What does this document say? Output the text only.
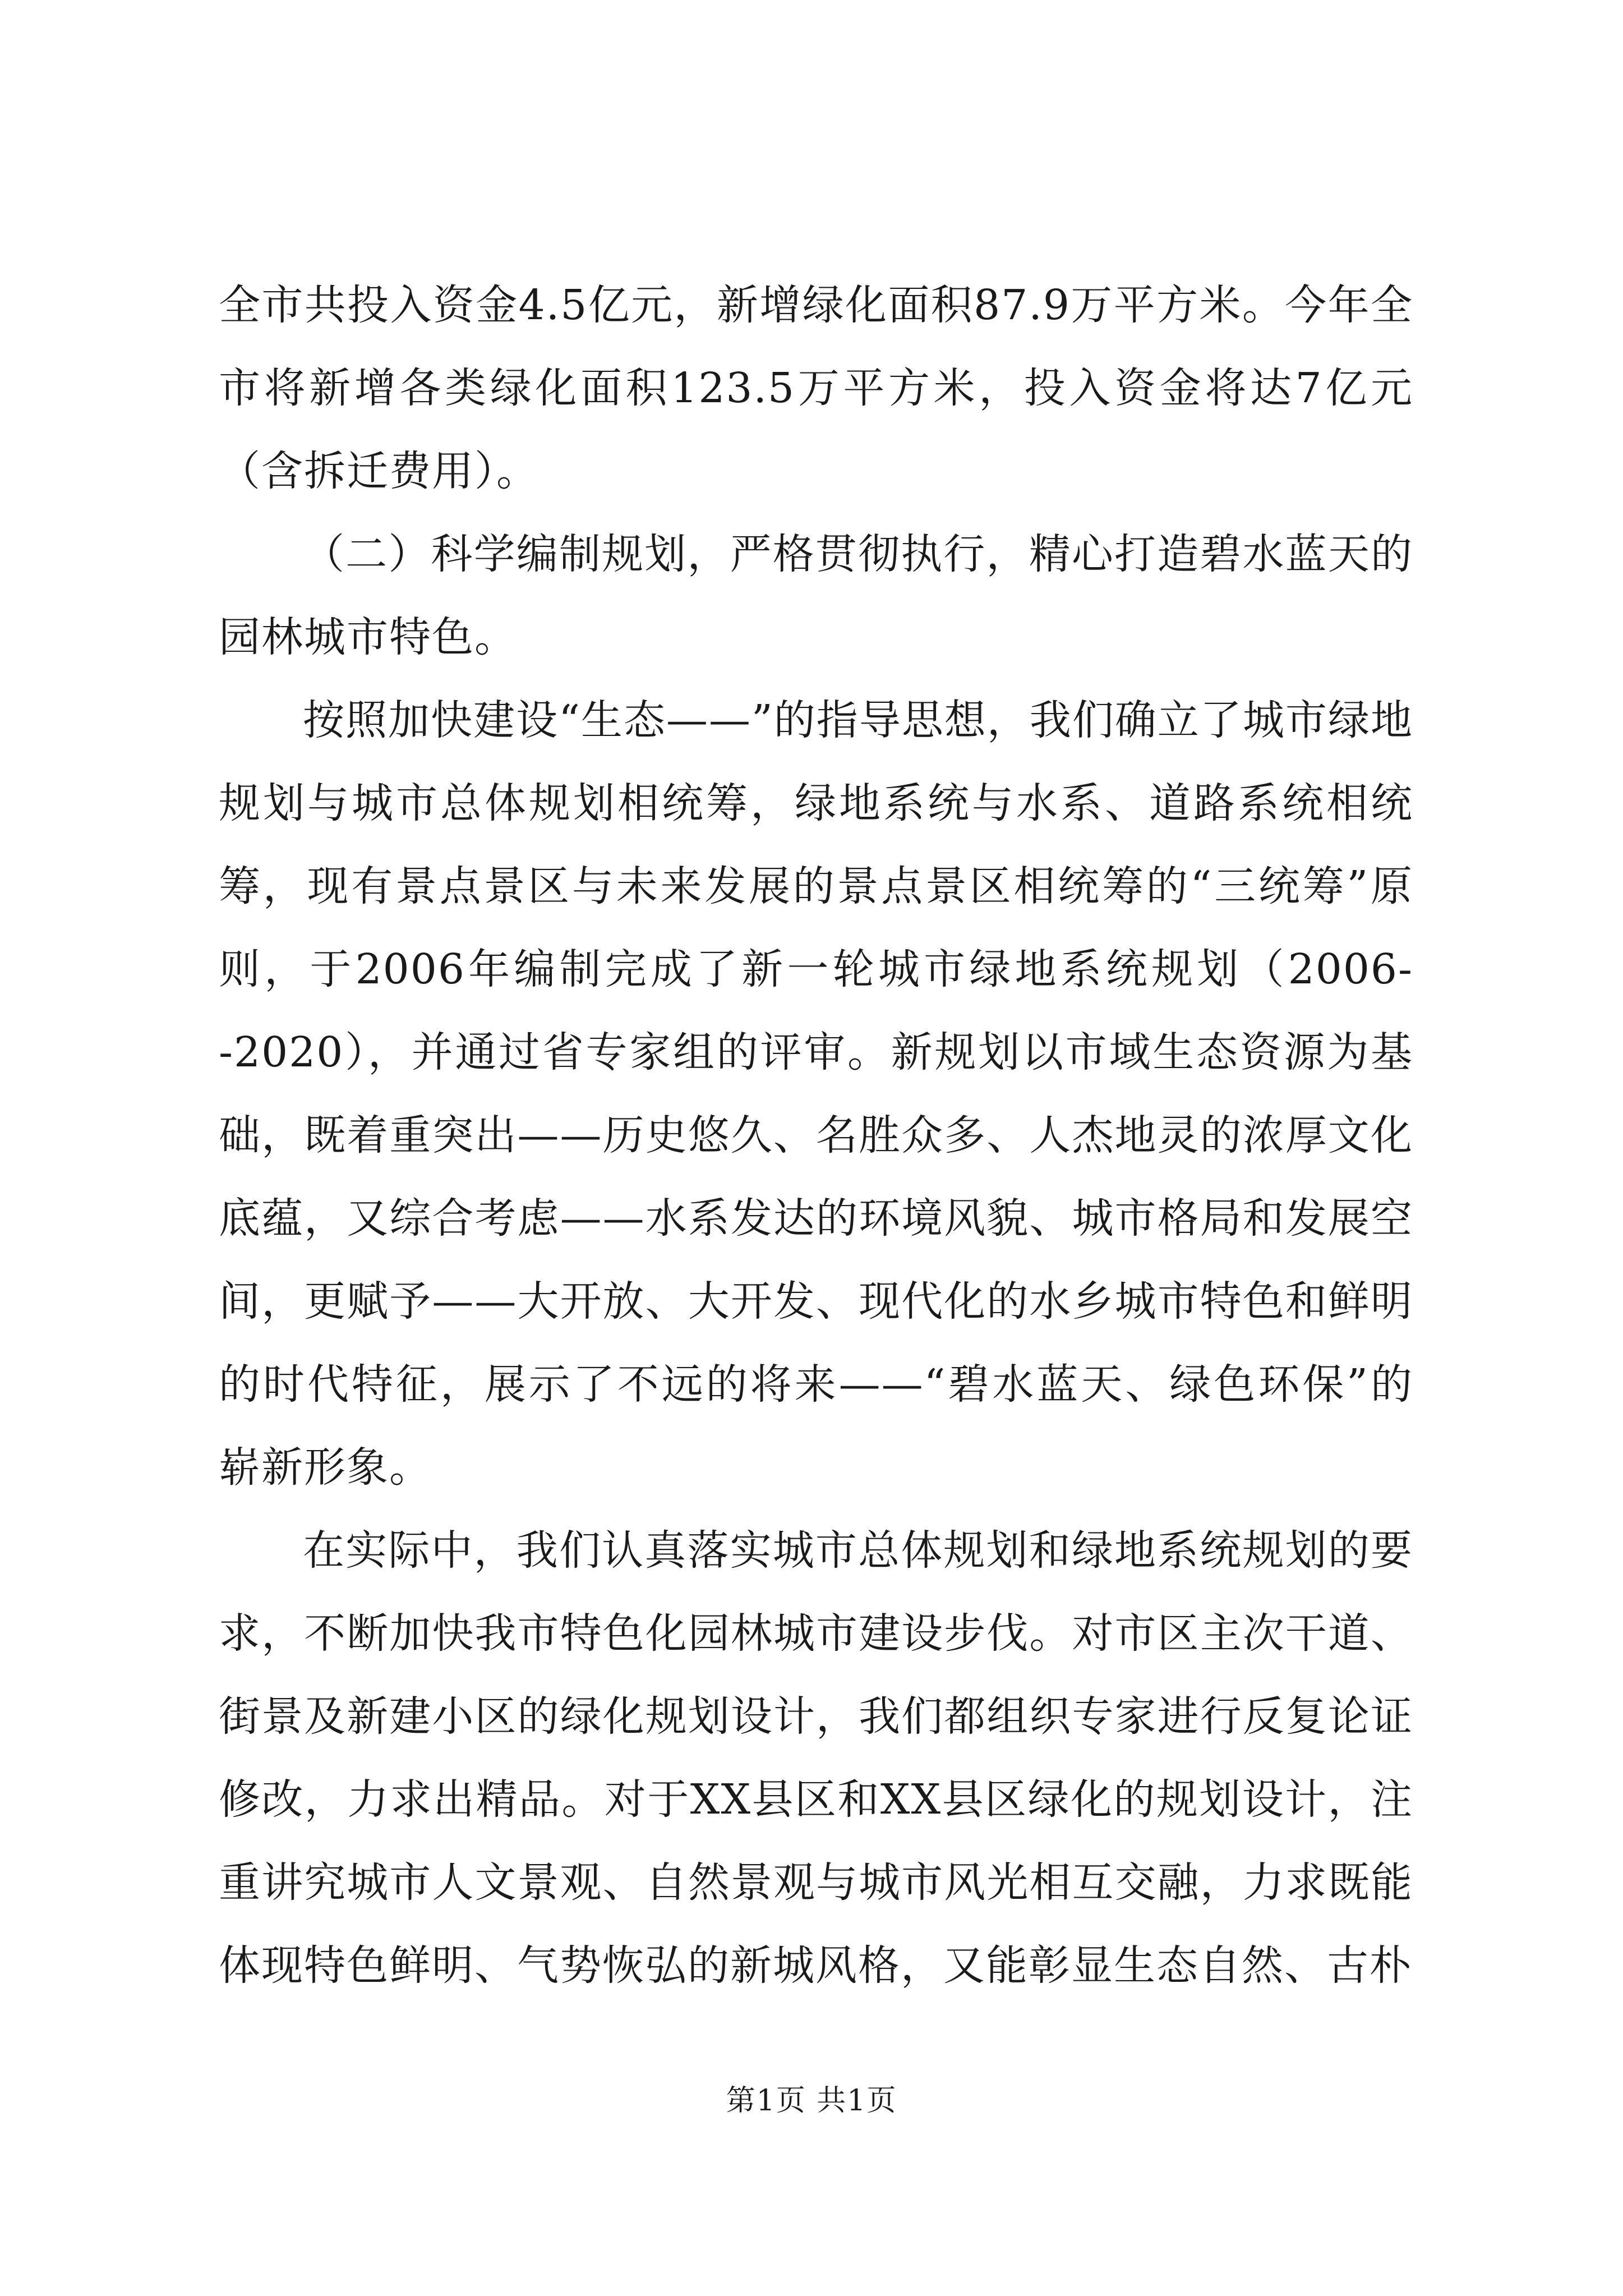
全市共投入资金4.5亿元，新增绿化面积87.9万平方米。今年全市将新增各类绿化面积123.5万平方米，投入资金将达7亿元（含拆迁费用）。

（二）科学编制规划，严格贯彻执行，精心打造碧水蓝天的园林城市特色。

按照加快建设“生态——”的指导思想，我们确立了城市绿地规划与城市总体规划相统筹，绿地系统与水系、道路系统相统筹，现有景点景区与未来发展的景点景区相统筹的“三统筹”原则，于2006年编制完成了新一轮城市绿地系统规划（2006--2020），并通过省专家组的评审。新规划以市域生态资源为基础，既着重突出——历史悠久、名胜众多、人杰地灵的浓厚文化底蕴，又综合考虑——水系发达的环境风貌、城市格局和发展空间，更赋予——大开放、大开发、现代化的水乡城市特色和鲜明的时代特征，展示了不远的将来——“碧水蓝天、绿色环保”的崭新形象。

在实际中，我们认真落实城市总体规划和绿地系统规划的要求，不断加快我市特色化园林城市建设步伐。对市区主次干道、街景及新建小区的绿化规划设计，我们都组织专家进行反复论证修改，力求出精品。对于XX县区和XX县区绿化的规划设计，注重讲究城市人文景观、自然景观与城市风光相互交融，力求既能体现特色鲜明、气势恢弘的新城风格，又能彰显生态自然、古朴

第1页 共1页
